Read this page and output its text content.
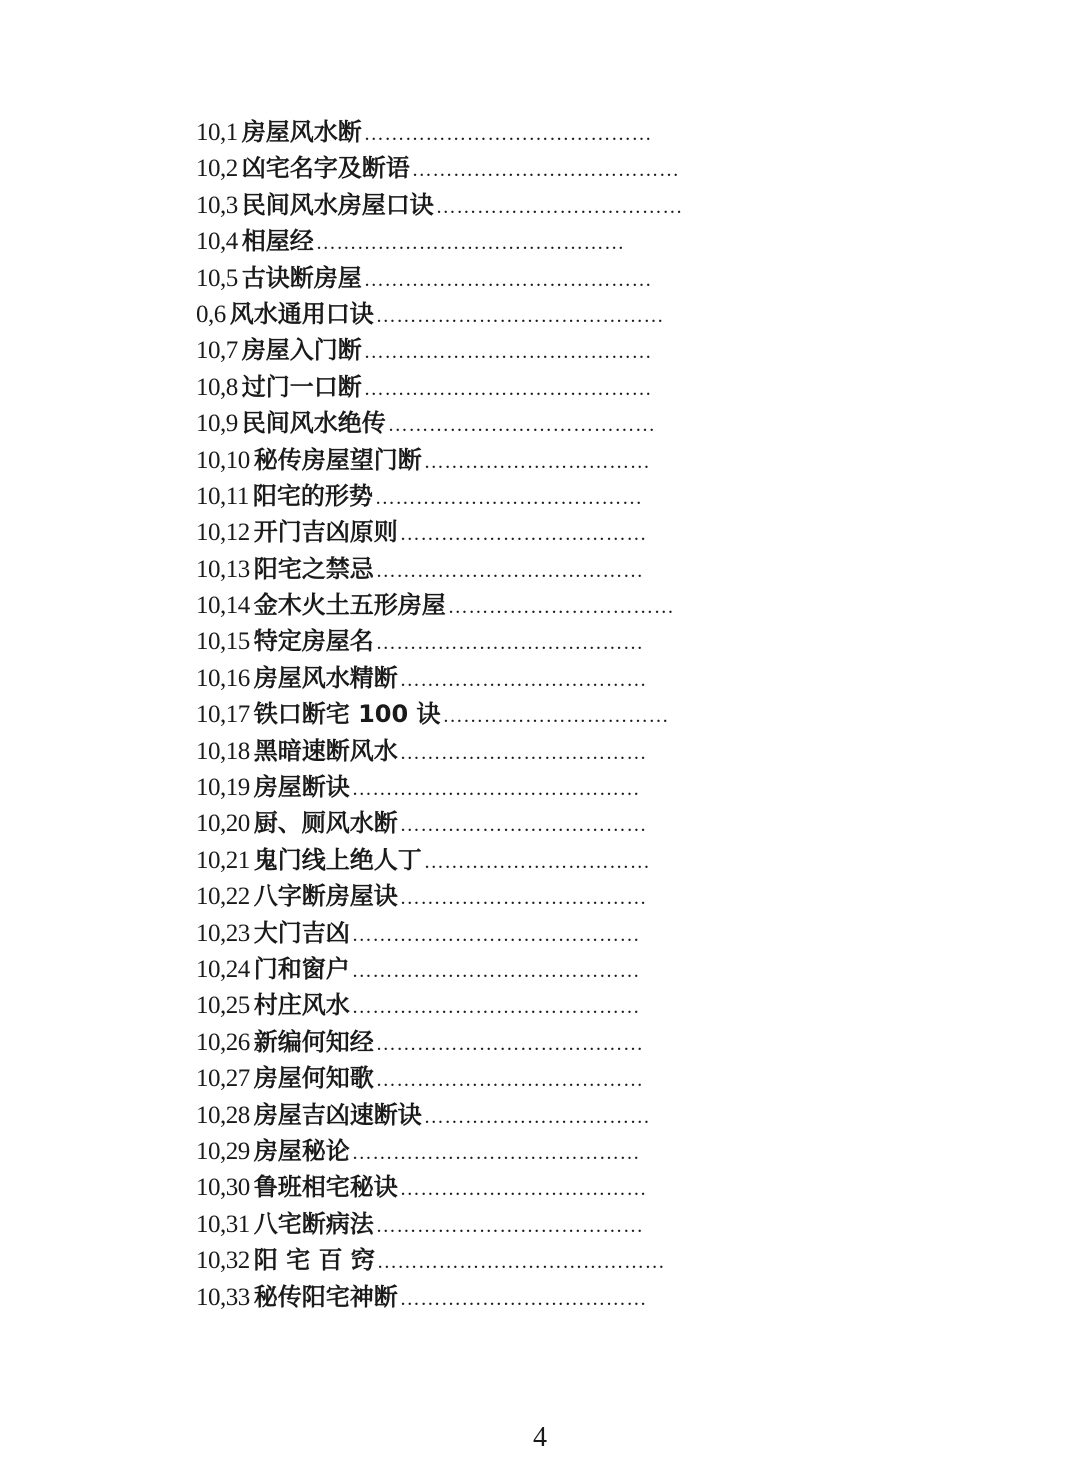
10,1 房屋风水断 ……………………………………
10,2 凶宅名字及断语 …………………………………
10,3 民间风水房屋口诀 ………………………………
10,4 相屋经 ………………………………………
10,5 古诀断房屋 ……………………………………
0,6 风水通用口诀 ……………………………………
10,7 房屋入门断 ……………………………………
10,8 过门一口断 ……………………………………
10,9 民间风水绝传 …………………………………
10,10 秘传房屋望门断 ……………………………
10,11 阳宅的形势 …………………………………
10,12 开门吉凶原则 ………………………………
10,13 阳宅之禁忌 …………………………………
10,14 金木火土五形房屋 ……………………………
10,15 特定房屋名 …………………………………
10,16 房屋风水精断 ………………………………
10,17 铁口断宅 100 诀 ……………………………
10,18 黑暗速断风水 ………………………………
10,19 房屋断诀 ……………………………………
10,20 厨、厕风水断 ………………………………
10,21 鬼门线上绝人丁 ……………………………
10,22 八字断房屋诀 ………………………………
10,23 大门吉凶 ……………………………………
10,24 门和窗户 ……………………………………
10,25 村庄风水 ……………………………………
10,26 新编何知经 …………………………………
10,27 房屋何知歌 …………………………………
10,28 房屋吉凶速断诀 ……………………………
10,29 房屋秘论 ……………………………………
10,30 鲁班相宅秘诀 ………………………………
10,31 八宅断病法 …………………………………
10,32 阳 宅 百 窍 ……………………………………
10,33 秘传阳宅神断 ………………………………
4
